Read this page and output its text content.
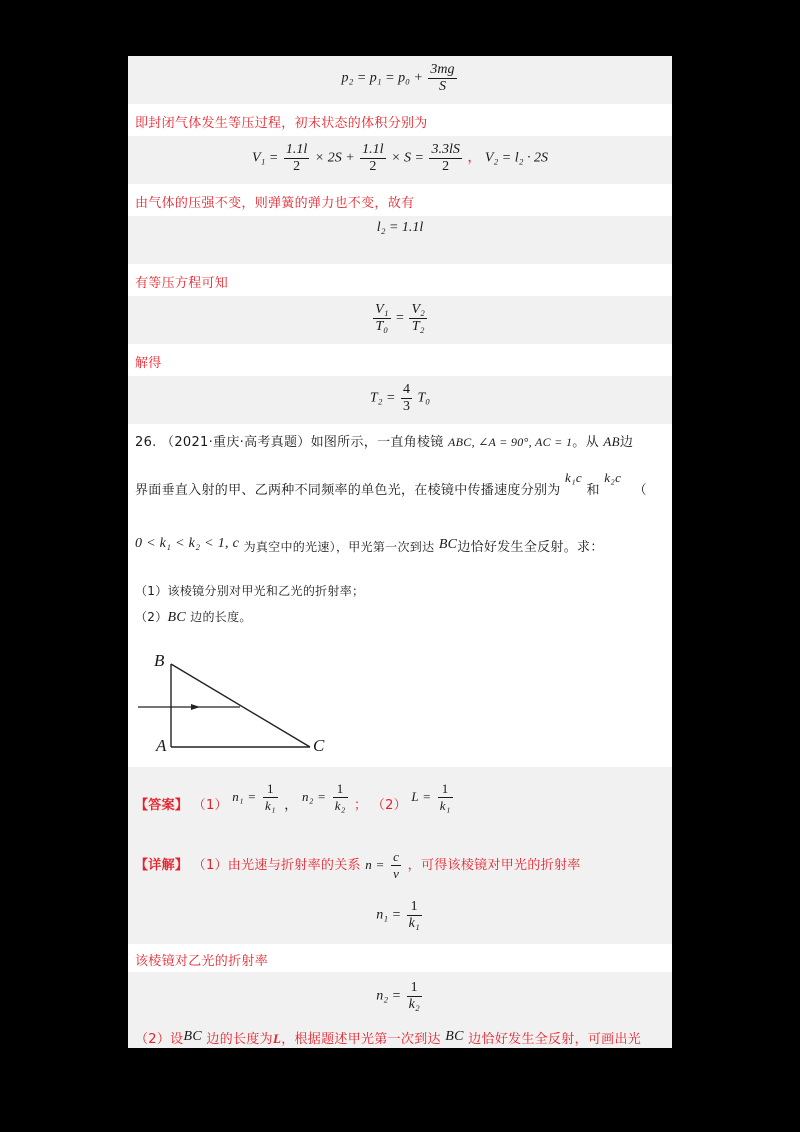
$p_2 = p_1 = p_0 + \frac{3mg}{S}$
即封闭气体发生等压过程，初末状态的体积分别为
$V_1 = \frac{1.1l}{2} \times 2S + \frac{1.1l}{2} \times S = \frac{3.3lS}{2}$ ， V₂ = l₂ · 2S
由气体的压强不变，则弹簧的弹力也不变，故有
l₂ = 1.1l
有等压方程可知
$\frac{\text{V₁}}{\text{T₀}} = \frac{\text{V₂}}{\text{T₂}}$
解得
$T_2 = \frac{4}{3} T_0$
26. （2021·重庆·高考真题）如图所示，一直角棱镜 ABC, ∠A = 90°, AC = 1。从 AB边
界面垂直入射的甲、乙两种不同频率的单色光，在棱镜中传播速度分别为 k₁c 和 k₂c （
0 < k₁ < k₂ < 1, c 为真空中的光速），甲光第一次到达 BC边恰好发生全反射。求：
（1）该棱镜分别对甲光和乙光的折射率；
（2）BC 边的长度。
B
A	C
【答案】 （1） $n_1 = \frac{1}{\text{k₁}}$ ， $n_2 = \frac{1}{\text{k₂}}$ ； （2） $L = \frac{1}{\text{k₁}}$
【详解】 （1）由光速与折射率的关系 $n = \frac{c}{v}$ ，可得该棱镜对甲光的折射率
$n_1 = \frac{1}{\text{k₁}}$
该棱镜对乙光的折射率
$n_2 = \frac{1}{\text{k₂}}$
（2）设BC 边的长度为L，根据题述甲光第一次到达 BC 边恰好发生全反射，可画出光
